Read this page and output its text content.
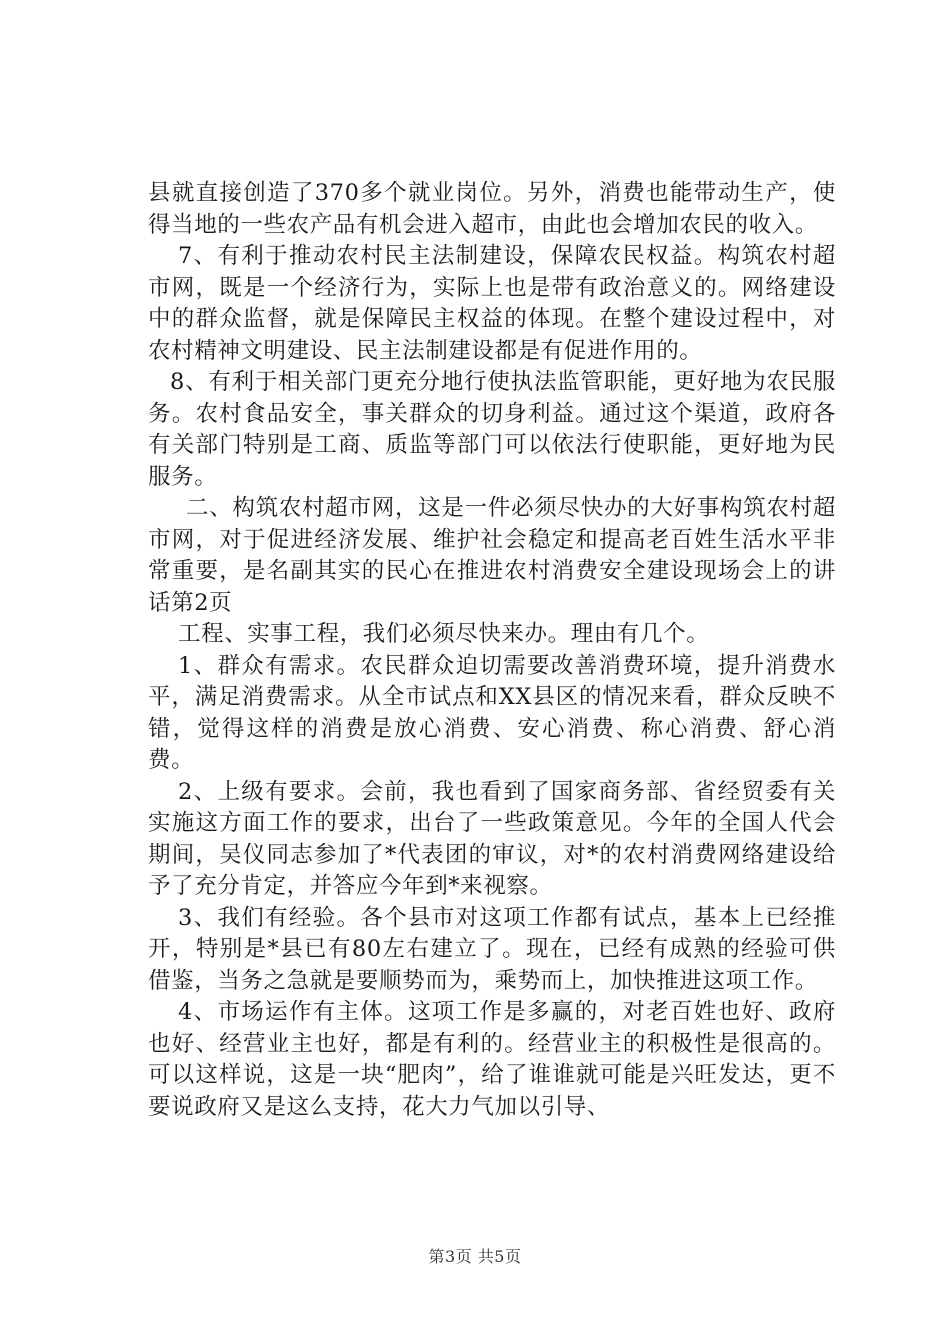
县就直接创造了370多个就业岗位。另外，消费也能带动生产，使得当地的一些农产品有机会进入超市，由此也会增加农民的收入。

7、有利于推动农村民主法制建设，保障农民权益。构筑农村超市网，既是一个经济行为，实际上也是带有政治意义的。网络建设中的群众监督，就是保障民主权益的体现。在整个建设过程中，对农村精神文明建设、民主法制建设都是有促进作用的。

8、有利于相关部门更充分地行使执法监管职能，更好地为农民服务。农村食品安全，事关群众的切身利益。通过这个渠道，政府各有关部门特别是工商、质监等部门可以依法行使职能，更好地为民服务。

二、构筑农村超市网，这是一件必须尽快办的大好事构筑农村超市网，对于促进经济发展、维护社会稳定和提高老百姓生活水平非常重要，是名副其实的民心在推进农村消费安全建设现场会上的讲话第2页

工程、实事工程，我们必须尽快来办。理由有几个。

1、群众有需求。农民群众迫切需要改善消费环境，提升消费水平，满足消费需求。从全市试点和XX县区的情况来看，群众反映不错，觉得这样的消费是放心消费、安心消费、称心消费、舒心消费。

2、上级有要求。会前，我也看到了国家商务部、省经贸委有关实施这方面工作的要求，出台了一些政策意见。今年的全国人代会期间，吴仪同志参加了*代表团的审议，对*的农村消费网络建设给予了充分肯定，并答应今年到*来视察。

3、我们有经验。各个县市对这项工作都有试点，基本上已经推开，特别是*县已有80左右建立了。现在，已经有成熟的经验可供借鉴，当务之急就是要顺势而为，乘势而上，加快推进这项工作。

4、市场运作有主体。这项工作是多赢的，对老百姓也好、政府也好、经营业主也好，都是有利的。经营业主的积极性是很高的。可以这样说，这是一块“肥肉”，给了谁谁就可能是兴旺发达，更不要说政府又是这么支持，花大力气加以引导、

第3页 共5页
